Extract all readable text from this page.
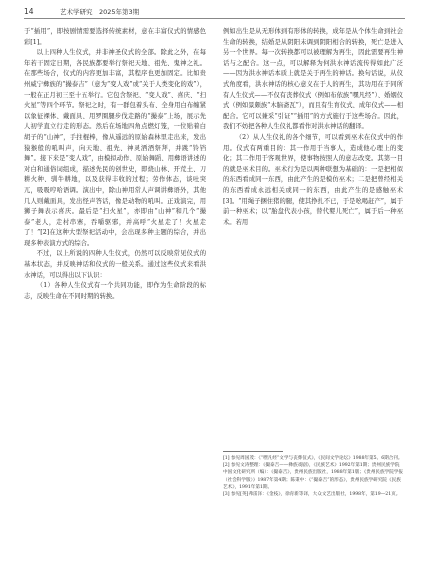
14	艺术学研究　2025年第3期

于“插用”，即按剧情需要选择传统素材，意在丰富仪式的情感色彩[1]。

以上四种人生仪式，并非神圣仪式的全部。除此之外，在每年若干固定日期，各民族都要举行祭祀天地、祖先、鬼神之礼。在那些场合，仪式的内容更加丰富，其程序也更加固定。比如贵州威宁彝族的“撮泰吉”（意为“变人戏”或“关于人类变化的戏”），一般在正月初三至十五举行。它包含祭祀、“变人戏”、喜庆、“扫火星”等四个环节。祭祀之时，有一群包着头布、全身用白布缠紧以象征裸体、戴面具、用罗圈腿步伐走路的“撮泰”上场，展示先人初学直立行走的形态。然后在场地四角点燃灯笼，一位贴着白胡子的“山神”，手拄棍棒，像从遥远的原始森林里走出来，发出猿猴般的吼叫声，向天地、祖先、神灵洒酒祭拜，并跳“铃铛舞”。接下来是“变人戏”，由模拟动作、原始舞蹈、用彝语讲述的对白和通俗词组成，描述先民的创世史，即烧山林、开荒土、刀耕火种、驯牛耕地，以及获得丰收的过程；劳作体态，谈吐突兀，吸吸哼哈语调。演出中，除山神用常人声调讲彝语外，其他几人则戴面具，发出怪声答话，像是动物的吼叫。正戏演完，用狮子舞表示喜庆。最后是“扫火星”，亦即由“山神”和几个“撮泰”老人，走村串寨，吞嚼驱邪，并高呼“火星走了！火星走了！”[2]在这种大型祭祀活动中，会出现多种主题的综合，并出现多种表演方式的综合。

不过，以上所说的四种人生仪式，仍然可以反映常见仪式的基本状态，并反映神话和仪式的一般关系。通过这些仪式来看洪水神话，可以得出以下认识：

（1）各种人生仪式有一个共同功能，即作为生命阶段的标志，反映生命在不同时期的转换。

例如出生是从无形体到有形体的转换，成年是从个体生命到社会生命的转换，结婚是从阴阳未调到阴阳相合的转换，死亡是进入另一个世界。每一次转换都可以被理解为再生，因此需要再生神话与之配合。这一点，可以解释为何洪水神话流传得如此广泛——因为洪水神话本质上就是关于再生的神话。换句话说，从仪式角度看，洪水神话的核心意义在于人的再生，其功用在于同所有人生仪式——不仅有丧葬仪式（例如布依族“嘿凡经”）、婚姻仪式（例如景颇族“木脑斋瓦”），而且有生育仪式、成年仪式——相配合。它可以兼采“引证”“插用”的方式施行于这些场合。因此，我们不妨把各种人生仪礼都看作对洪水神话的翻译。

（2）从人生仪礼的各个细节，可以看到巫术在仪式中的作用。仪式有两重目的：其一作用于当事人，造成他心理上的变化；其二作用于客观世界，使事物按照人的意志改变。其第一目的就是巫术目的。巫术行为是以两种联想为基础的：一是把相似的东西看成同一东西，由此产生的是模仿巫术；二是把曾经相关的东西看成永远相关或同一的东西，由此产生的是感触巫术[3]。“用绳子捆住猪的腿，使其挣扎不已，于是吆喝赶产”，属于前一种巫术；以“胎盘代表小孩，替代婴儿死亡”，属于后一种巫术。若用

[1] 参见周国茂：《“嘿凡经”文学与丧葬仪式》，《民间文学论坛》1988年第5、6期合刊。
[2] 参见文涛整理：《撮泰吉——彝族戏剧》，《民族艺术》1992年第1期；贵州民族学院中国文化研究所（编）：《撮泰吉》，贵州民族出版社，1988年第1版；《贵州民族学院学报（社会科学版）》1987年第4期；陈秉中：《“撮泰吉”的形态》，贵州民族学研究院《民族艺术》，1991年第1期。
[3] 参见[英]弗雷泽：《金枝》，徐育新等译，大众文艺出版社，1998年，第19—21页。
